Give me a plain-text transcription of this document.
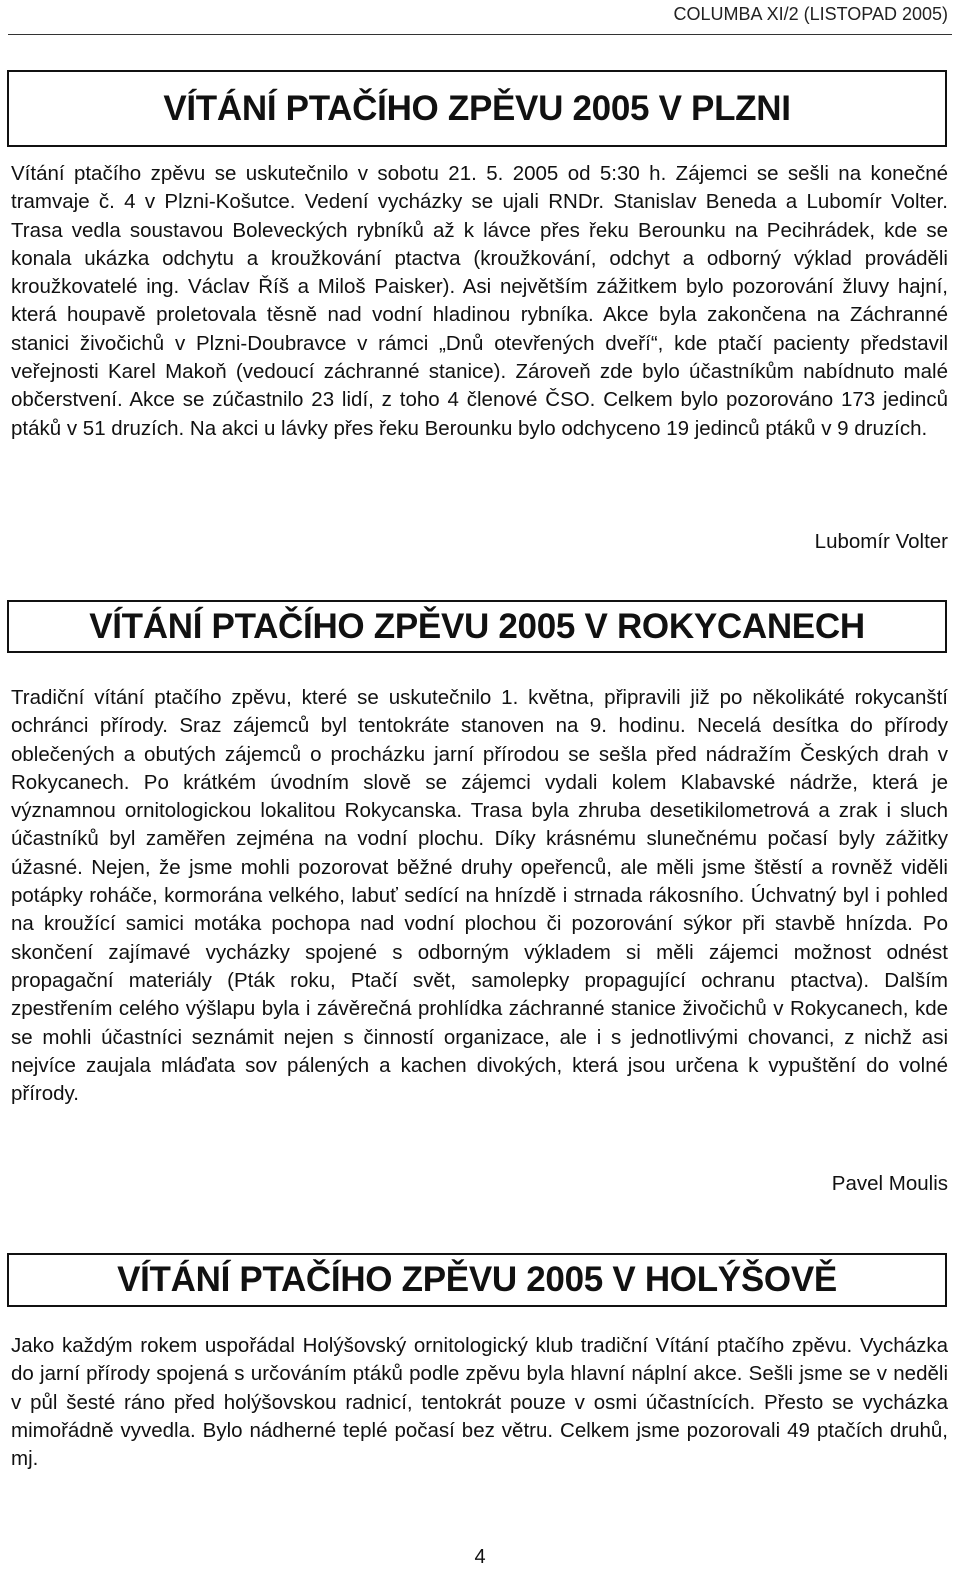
COLUMBA XI/2 (LISTOPAD 2005)
VÍTÁNÍ PTAČÍHO ZPĚVU 2005 V PLZNI

Vítání ptačího zpěvu se uskutečnilo v sobotu 21. 5. 2005 od 5:30 h. Zájemci se sešli na konečné tramvaje č. 4 v Plzni-Košutce. Vedení vycházky se ujali RNDr. Stanislav Beneda a Lubomír Volter. Trasa vedla soustavou Boleveckých rybníků až k lávce přes řeku Berounku na Pecihrádek, kde se konala ukázka odchytu a kroužkování ptactva (kroužkování, odchyt a odborný výklad prováděli kroužkovatelé ing. Václav Říš a Miloš Paisker). Asi největším zážitkem bylo pozorování žluvy hajní, která houpavě proletovala těsně nad vodní hladinou rybníka. Akce byla zakončena na Záchranné stanici živočichů v Plzni-Doubravce v rámci „Dnů otevřených dveří“, kde ptačí pacienty představil veřejnosti Karel Makoň (vedoucí záchranné stanice). Zároveň zde bylo účastníkům nabídnuto malé občerstvení. Akce se zúčastnilo 23 lidí, z toho 4 členové ČSO. Celkem bylo pozorováno 173 jedinců ptáků v 51 druzích. Na akci u lávky přes řeku Berounku bylo odchyceno 19 jedinců ptáků v 9 druzích.

Lubomír Volter
VÍTÁNÍ PTAČÍHO ZPĚVU 2005 V ROKYCANECH

Tradiční vítání ptačího zpěvu, které se uskutečnilo 1. května, připravili již po několikáté rokycanští ochránci přírody. Sraz zájemců byl tentokráte stanoven na 9. hodinu. Necelá desítka do přírody oblečených a obutých zájemců o procházku jarní přírodou se sešla před nádražím Českých drah v Rokycanech. Po krátkém úvodním slově se zájemci vydali kolem Klabavské nádrže, která je významnou ornitologickou lokalitou Rokycanska. Trasa byla zhruba desetikilometrová a zrak i sluch účastníků byl zaměřen zejména na vodní plochu. Díky krásnému slunečnému počasí byly zážitky úžasné. Nejen, že jsme mohli pozorovat běžné druhy opeřenců, ale měli jsme štěstí a rovněž viděli potápky roháče, kormorána velkého, labuť sedící na hnízdě i strnada rákosního. Úchvatný byl i pohled na kroužící samici motáka pochopa nad vodní plochou či pozorování sýkor při stavbě hnízda. Po skončení zajímavé vycházky spojené s odborným výkladem si měli zájemci možnost odnést propagační materiály (Pták roku, Ptačí svět, samolepky propagující ochranu ptactva). Dalším zpestřením celého výšlapu byla i závěrečná prohlídka záchranné stanice živočichů v Rokycanech, kde se mohli účastníci seznámit nejen s činností organizace, ale i s jednotlivými chovanci, z nichž asi nejvíce zaujala mláďata sov pálených a kachen divokých, která jsou určena k vypuštění do volné přírody.

Pavel Moulis
VÍTÁNÍ PTAČÍHO ZPĚVU 2005 V HOLÝŠOVĚ

Jako každým rokem uspořádal Holýšovský ornitologický klub tradiční Vítání ptačího zpěvu. Vycházka do jarní přírody spojená s určováním ptáků podle zpěvu byla hlavní náplní akce. Sešli jsme se v neděli v půl šesté ráno před holýšovskou radnicí, tentokrát pouze v osmi účastnících. Přesto se vycházka mimořádně vyvedla. Bylo nádherné teplé počasí bez větru. Celkem jsme pozorovali 49 ptačích druhů, mj.

4
